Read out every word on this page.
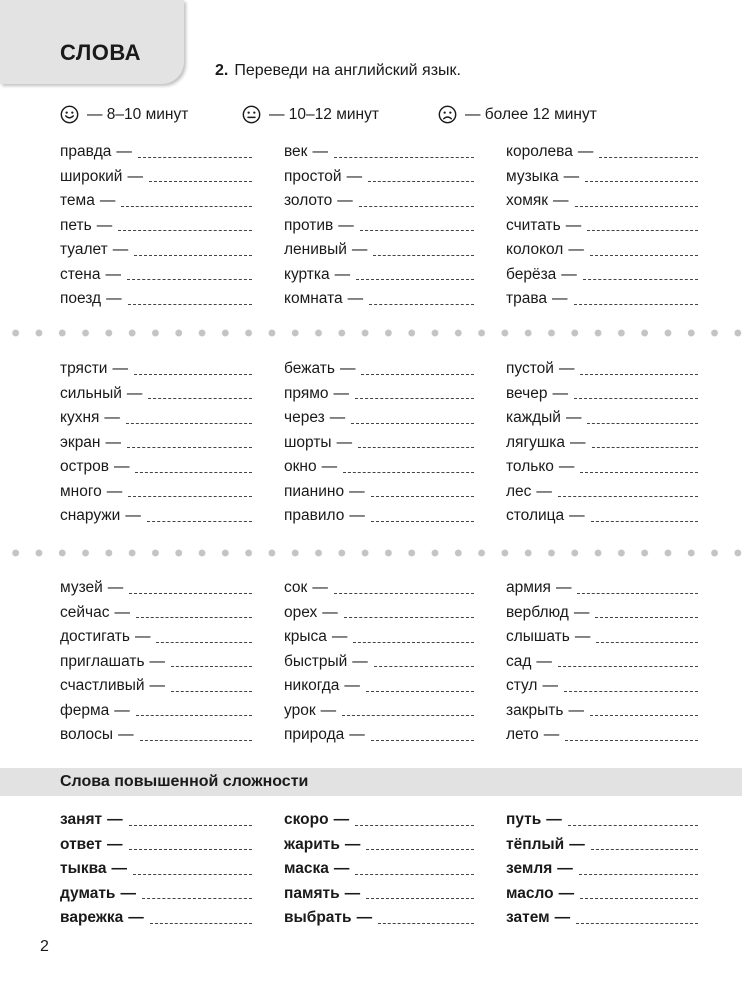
СЛОВА
2. Переведи на английский язык.
— 8–10 минут	— 10–12 минут	— более 12 минут
правда —
широкий —
тема —
петь —
туалет —
стена —
поезд —
век —
простой —
золото —
против —
ленивый —
куртка —
комната —
королева —
музыка —
хомяк —
считать —
колокол —
берёза —
трава —
трясти —
сильный —
кухня —
экран —
остров —
много —
снаружи —
бежать —
прямо —
через —
шорты —
окно —
пианино —
правило —
пустой —
вечер —
каждый —
лягушка —
только —
лес —
столица —
музей —
сейчас —
достигать —
приглашать —
счастливый —
ферма —
волосы —
сок —
орех —
крыса —
быстрый —
никогда —
урок —
природа —
армия —
верблюд —
слышать —
сад —
стул —
закрыть —
лето —
Слова повышенной сложности
занят —
ответ —
тыква —
думать —
варежка —
скоро —
жарить —
маска —
память —
выбрать —
путь —
тёплый —
земля —
масло —
затем —
2
